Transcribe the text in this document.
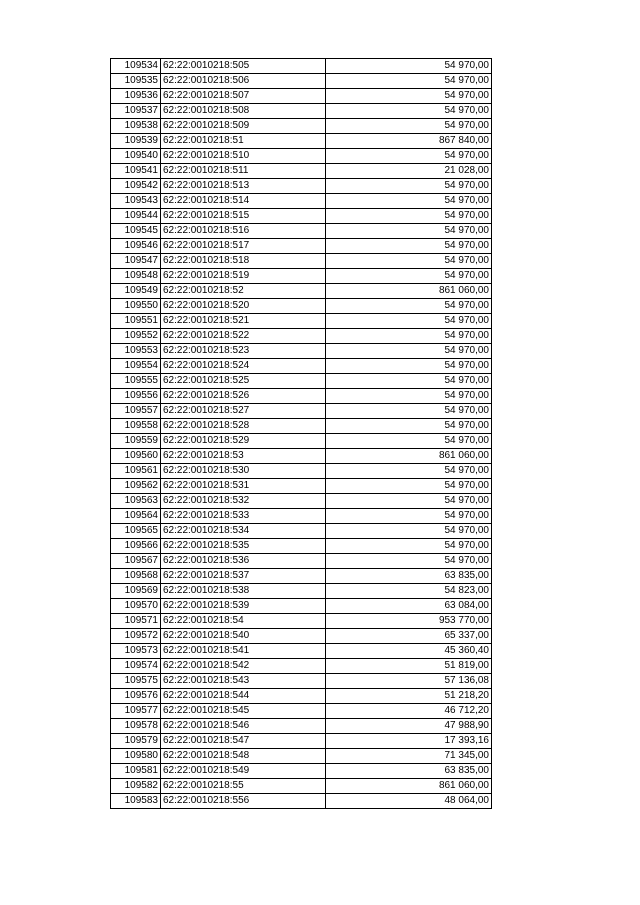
109534	62:22:0010218:505	54 970,00
109535	62:22:0010218:506	54 970,00
109536	62:22:0010218:507	54 970,00
109537	62:22:0010218:508	54 970,00
109538	62:22:0010218:509	54 970,00
109539	62:22:0010218:51	867 840,00
109540	62:22:0010218:510	54 970,00
109541	62:22:0010218:511	21 028,00
109542	62:22:0010218:513	54 970,00
109543	62:22:0010218:514	54 970,00
109544	62:22:0010218:515	54 970,00
109545	62:22:0010218:516	54 970,00
109546	62:22:0010218:517	54 970,00
109547	62:22:0010218:518	54 970,00
109548	62:22:0010218:519	54 970,00
109549	62:22:0010218:52	861 060,00
109550	62:22:0010218:520	54 970,00
109551	62:22:0010218:521	54 970,00
109552	62:22:0010218:522	54 970,00
109553	62:22:0010218:523	54 970,00
109554	62:22:0010218:524	54 970,00
109555	62:22:0010218:525	54 970,00
109556	62:22:0010218:526	54 970,00
109557	62:22:0010218:527	54 970,00
109558	62:22:0010218:528	54 970,00
109559	62:22:0010218:529	54 970,00
109560	62:22:0010218:53	861 060,00
109561	62:22:0010218:530	54 970,00
109562	62:22:0010218:531	54 970,00
109563	62:22:0010218:532	54 970,00
109564	62:22:0010218:533	54 970,00
109565	62:22:0010218:534	54 970,00
109566	62:22:0010218:535	54 970,00
109567	62:22:0010218:536	54 970,00
109568	62:22:0010218:537	63 835,00
109569	62:22:0010218:538	54 823,00
109570	62:22:0010218:539	63 084,00
109571	62:22:0010218:54	953 770,00
109572	62:22:0010218:540	65 337,00
109573	62:22:0010218:541	45 360,40
109574	62:22:0010218:542	51 819,00
109575	62:22:0010218:543	57 136,08
109576	62:22:0010218:544	51 218,20
109577	62:22:0010218:545	46 712,20
109578	62:22:0010218:546	47 988,90
109579	62:22:0010218:547	17 393,16
109580	62:22:0010218:548	71 345,00
109581	62:22:0010218:549	63 835,00
109582	62:22:0010218:55	861 060,00
109583	62:22:0010218:556	48 064,00
